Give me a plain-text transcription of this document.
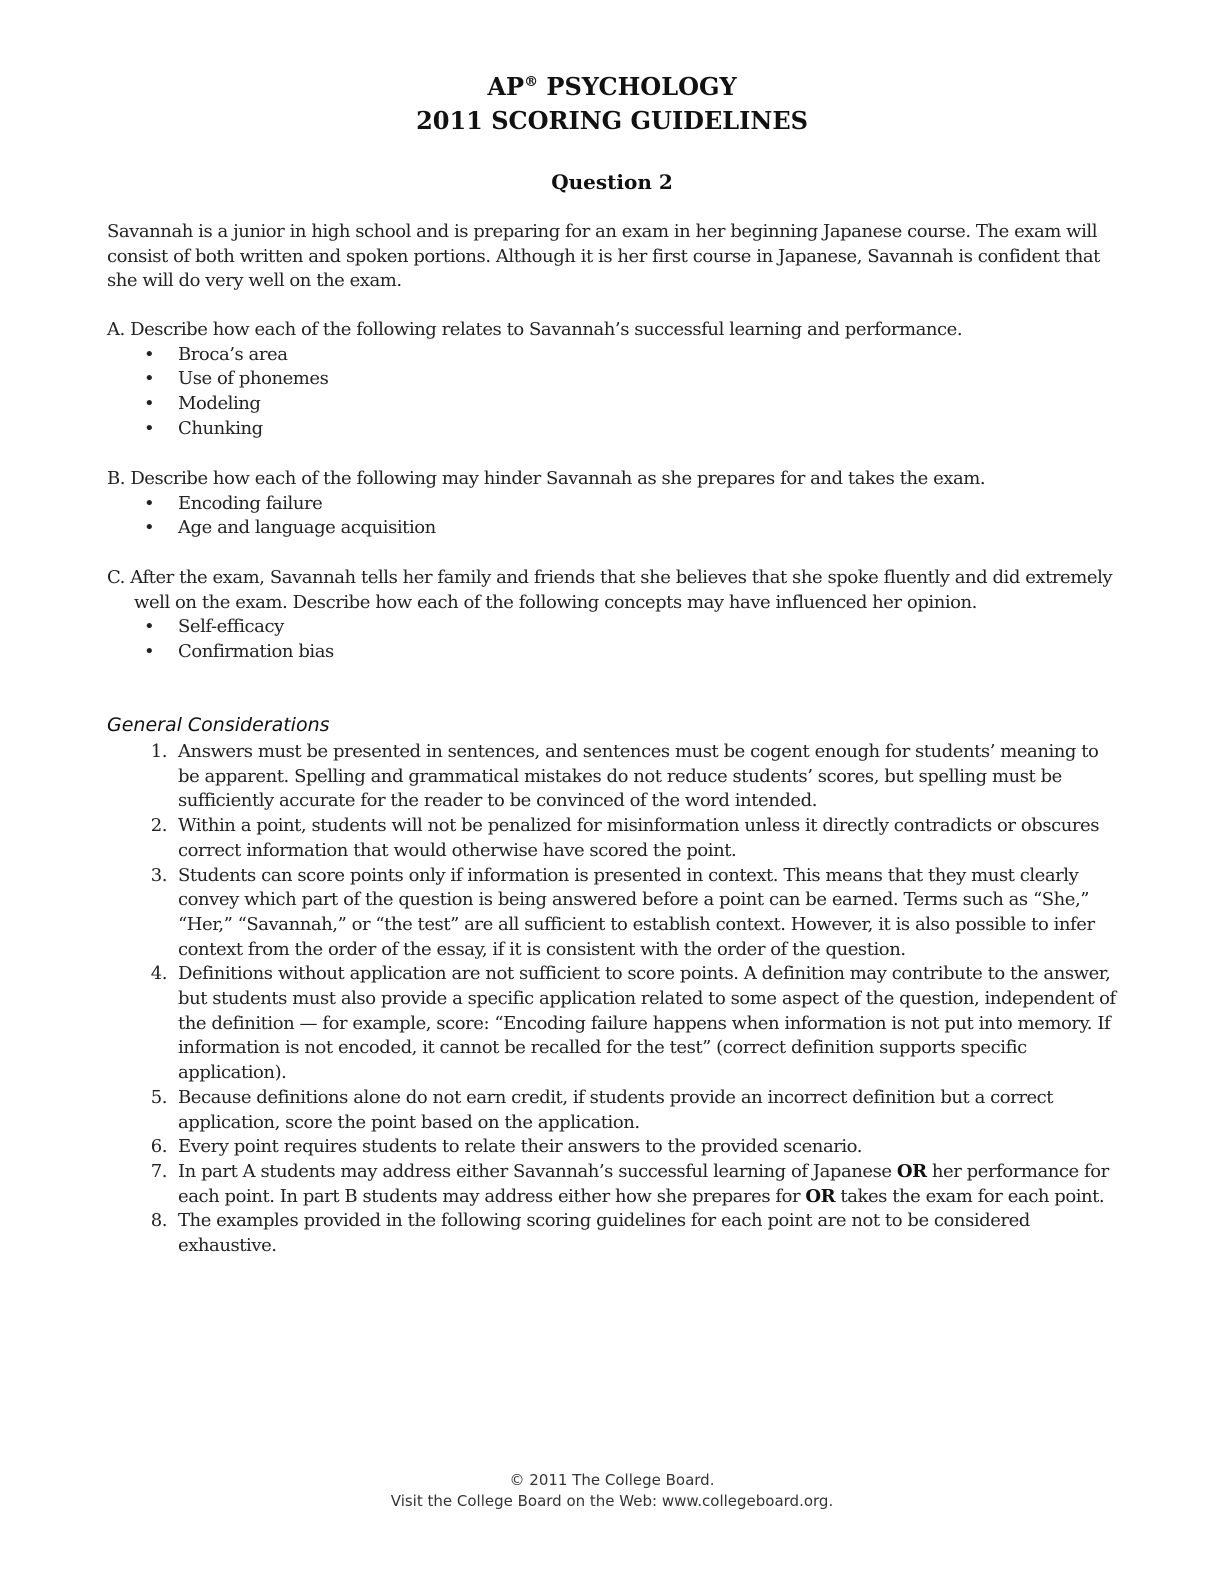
AP® PSYCHOLOGY
2011 SCORING GUIDELINES
Question 2
Savannah is a junior in high school and is preparing for an exam in her beginning Japanese course. The exam will consist of both written and spoken portions. Although it is her first course in Japanese, Savannah is confident that she will do very well on the exam.

A. Describe how each of the following relates to Savannah’s successful learning and performance.

• Broca’s area
• Use of phonemes
• Modeling
• Chunking

B. Describe how each of the following may hinder Savannah as she prepares for and takes the exam.

• Encoding failure
• Age and language acquisition

C. After the exam, Savannah tells her family and friends that she believes that she spoke fluently and did extremely well on the exam. Describe how each of the following concepts may have influenced her opinion.

• Self-efficacy
• Confirmation bias
General Considerations
1. Answers must be presented in sentences, and sentences must be cogent enough for students’ meaning to be apparent. Spelling and grammatical mistakes do not reduce students’ scores, but spelling must be sufficiently accurate for the reader to be convinced of the word intended.
2. Within a point, students will not be penalized for misinformation unless it directly contradicts or obscures correct information that would otherwise have scored the point.
3. Students can score points only if information is presented in context. This means that they must clearly convey which part of the question is being answered before a point can be earned. Terms such as “She,” “Her,” “Savannah,” or “the test” are all sufficient to establish context. However, it is also possible to infer context from the order of the essay, if it is consistent with the order of the question.
4. Definitions without application are not sufficient to score points. A definition may contribute to the answer, but students must also provide a specific application related to some aspect of the question, independent of the definition — for example, score: “Encoding failure happens when information is not put into memory. If information is not encoded, it cannot be recalled for the test” (correct definition supports specific application).
5. Because definitions alone do not earn credit, if students provide an incorrect definition but a correct application, score the point based on the application.
6. Every point requires students to relate their answers to the provided scenario.
7. In part A students may address either Savannah’s successful learning of Japanese OR her performance for each point. In part B students may address either how she prepares for OR takes the exam for each point.
8. The examples provided in the following scoring guidelines for each point are not to be considered exhaustive.
© 2011 The College Board.
Visit the College Board on the Web: www.collegeboard.org.
